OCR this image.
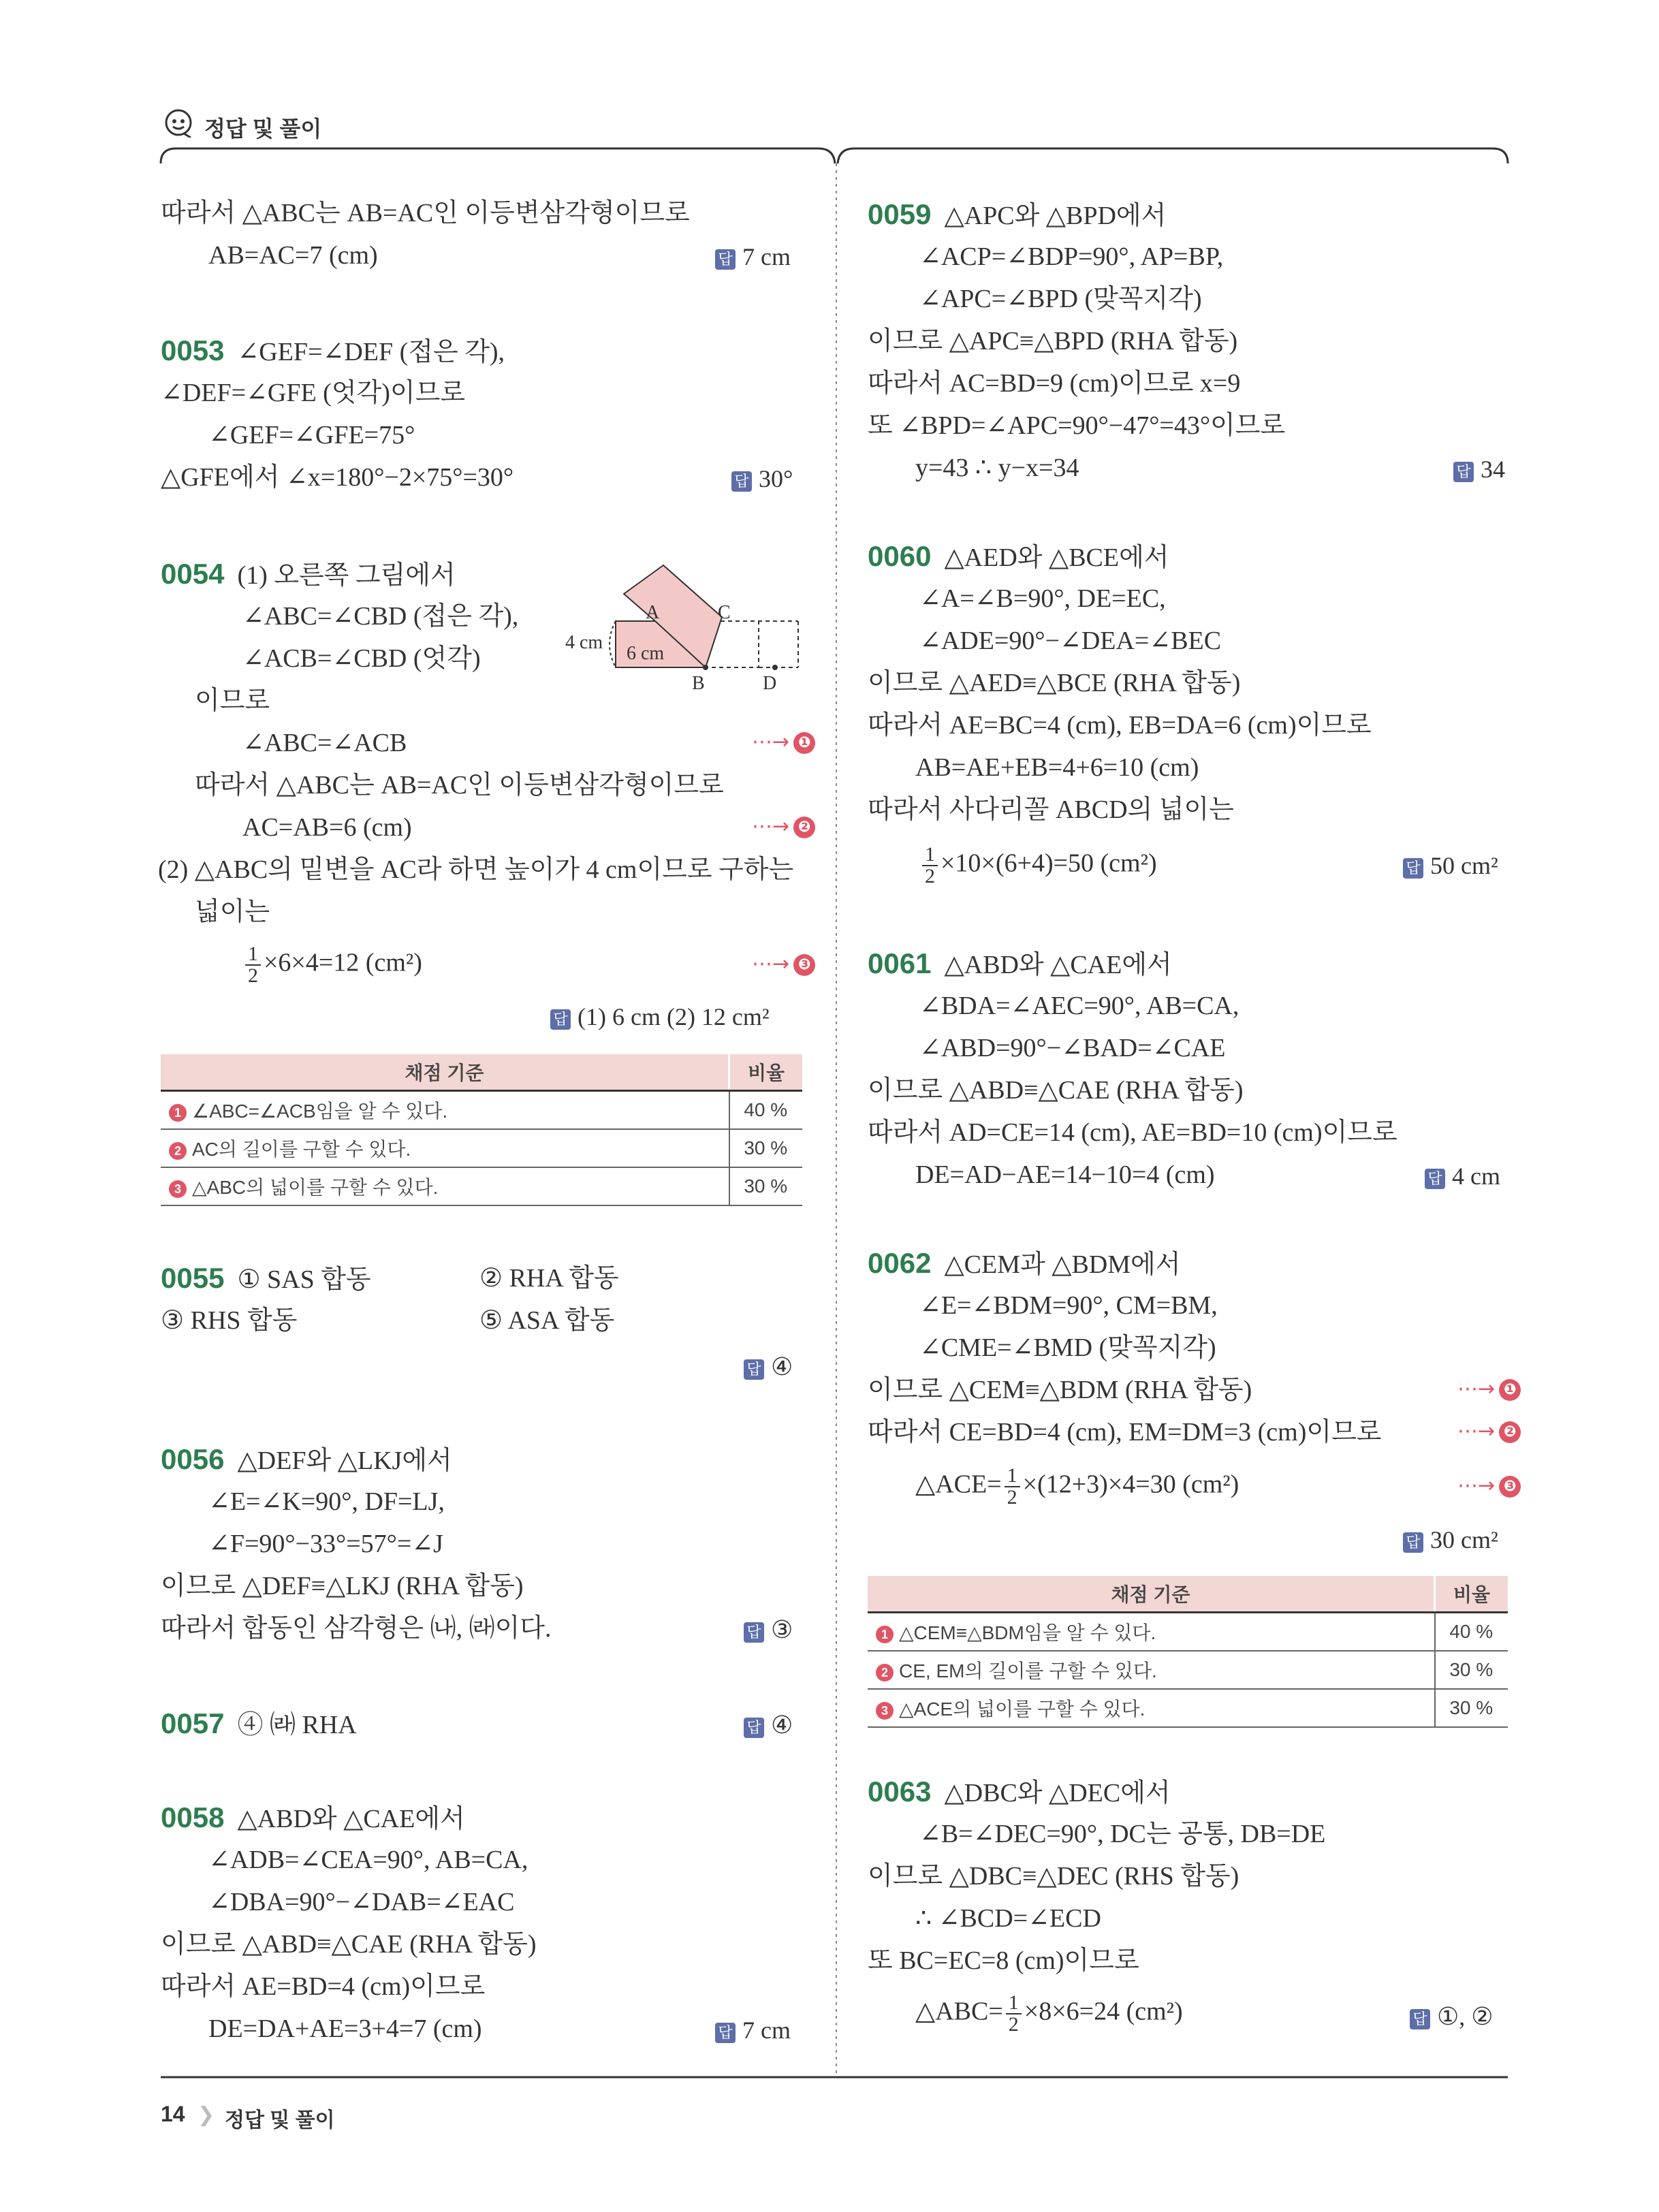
정답 및 풀이
따라서 △ABC는 AB=AC인 이등변삼각형이므로
AB=AC=7 (cm)	답 7 cm
0053 ∠GEF=∠DEF (접은 각),
∠DEF=∠GFE (엇각)이므로
∠GEF=∠GFE=75°
△GFE에서 ∠x=180°−2×75°=30°	답 30°
0054 (1) 오른쪽 그림에서
∠ABC=∠CBD (접은 각),
∠ACB=∠CBD (엇각)
이므로
∠ABC=∠ACB	⋯→ ❶
따라서 △ABC는 AB=AC인 이등변삼각형이므로
AC=AB=6 (cm)	⋯→ ❷
(2) △ABC의 밑변을 AC라 하면 높이가 4 cm이므로 구하는
넓이는
$\frac{1}{2} \times 6\times 4=12$ (cm²)	⋯→ ❸
답 (1) 6 cm (2) 12 cm²
4 cm
6 cm
A	C
B	D
채점 기준	비율
1 ∠ABC=∠ACB임을 알 수 있다.	40 %
2 AC의 길이를 구할 수 있다.	30 %
3 △ABC의 넓이를 구할 수 있다.	30 %
0055 ① SAS 합동	② RHA 합동
③ RHS 합동	⑤ ASA 합동
답 ④
0056 △DEF와 △LKJ에서
∠E=∠K=90°, DF=LJ,
∠F=90°−33°=57°=∠J
이므로 △DEF≡△LKJ (RHA 합동)
따라서 합동인 삼각형은 ㈏, ㈑이다.	답 ③
0057 ④ ㈑ RHA	답 ④
0058 △ABD와 △CAE에서
∠ADB=∠CEA=90°, AB=CA,
∠DBA=90°−∠DAB=∠EAC
이므로 △ABD≡△CAE (RHA 합동)
따라서 AE=BD=4 (cm)이므로
DE=DA+AE=3+4=7 (cm)	답 7 cm
0059 △APC와 △BPD에서
∠ACP=∠BDP=90°, AP=BP,
∠APC=∠BPD (맞꼭지각)
이므로 △APC≡△BPD (RHA 합동)
따라서 AC=BD=9 (cm)이므로 x=9
또 ∠BPD=∠APC=90°−47°=43°이므로
y=43 ∴ y−x=34	답 34
0060 △AED와 △BCE에서
∠A=∠B=90°, DE=EC,
∠ADE=90°−∠DEA=∠BEC
이므로 △AED≡△BCE (RHA 합동)
따라서 AE=BC=4 (cm), EB=DA=6 (cm)이므로
AB=AE+EB=4+6=10 (cm)
따라서 사다리꼴 ABCD의 넓이는
$\frac{1}{2} \times 10\times(6+4)=50$ (cm²)	답 50 cm²
0061 △ABD와 △CAE에서
∠BDA=∠AEC=90°, AB=CA,
∠ABD=90°−∠BAD=∠CAE
이므로 △ABD≡△CAE (RHA 합동)
따라서 AD=CE=14 (cm), AE=BD=10 (cm)이므로
DE=AD−AE=14−10=4 (cm)	답 4 cm
0062 △CEM과 △BDM에서
∠E=∠BDM=90°, CM=BM,
∠CME=∠BMD (맞꼭지각)
이므로 △CEM≡△BDM (RHA 합동)	⋯→ ❶
따라서 CE=BD=4 (cm), EM=DM=3 (cm)이므로	⋯→ ❷
△ACE= $\frac{1}{2} \times(12+3)\times 4=30$ (cm²)	⋯→ ❸
답 30 cm²
채점 기준	비율
1 △CEM≡△BDM임을 알 수 있다.	40 %
2 CE, EM의 길이를 구할 수 있다.	30 %
3 △ACE의 넓이를 구할 수 있다.	30 %
0063 △DBC와 △DEC에서
∠B=∠DEC=90°, DC는 공통, DB=DE
이므로 △DBC≡△DEC (RHS 합동)
∴ ∠BCD=∠ECD
또 BC=EC=8 (cm)이므로
△ABC= $\frac{1}{2} \times 8\times 6=24$ (cm²)	답 ①, ②
14 ❯ 정답 및 풀이
